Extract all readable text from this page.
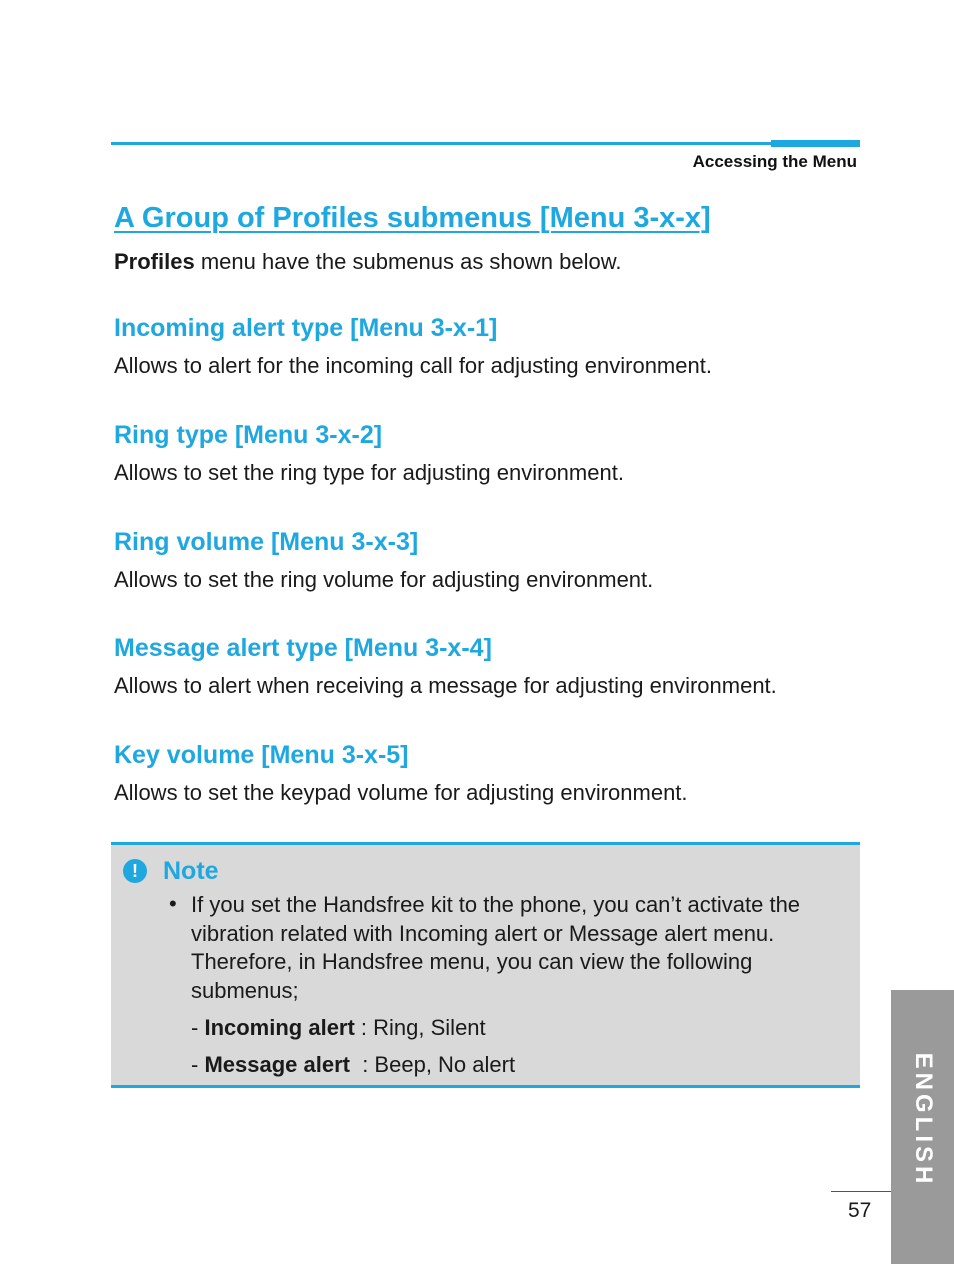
Accessing the Menu
A Group of Profiles submenus [Menu 3-x-x]
Profiles menu have the submenus as shown below.
Incoming alert type [Menu 3-x-1]

Allows to alert for the incoming call for adjusting environment.

Ring type [Menu 3-x-2]

Allows to set the ring type for adjusting environment.

Ring volume [Menu 3-x-3]

Allows to set the ring volume for adjusting environment.

Message alert type [Menu 3-x-4]

Allows to alert when receiving a message for adjusting environment.

Key volume [Menu 3-x-5]

Allows to set the keypad volume for adjusting environment.

!	Note
• If you set the Handsfree kit to the phone, you can’t activate the vibration related with Incoming alert or Message alert menu. Therefore, in Handsfree menu, you can view the following submenus;
- Incoming alert : Ring, Silent
- Message alert  : Beep, No alert
57
ENGLISH
